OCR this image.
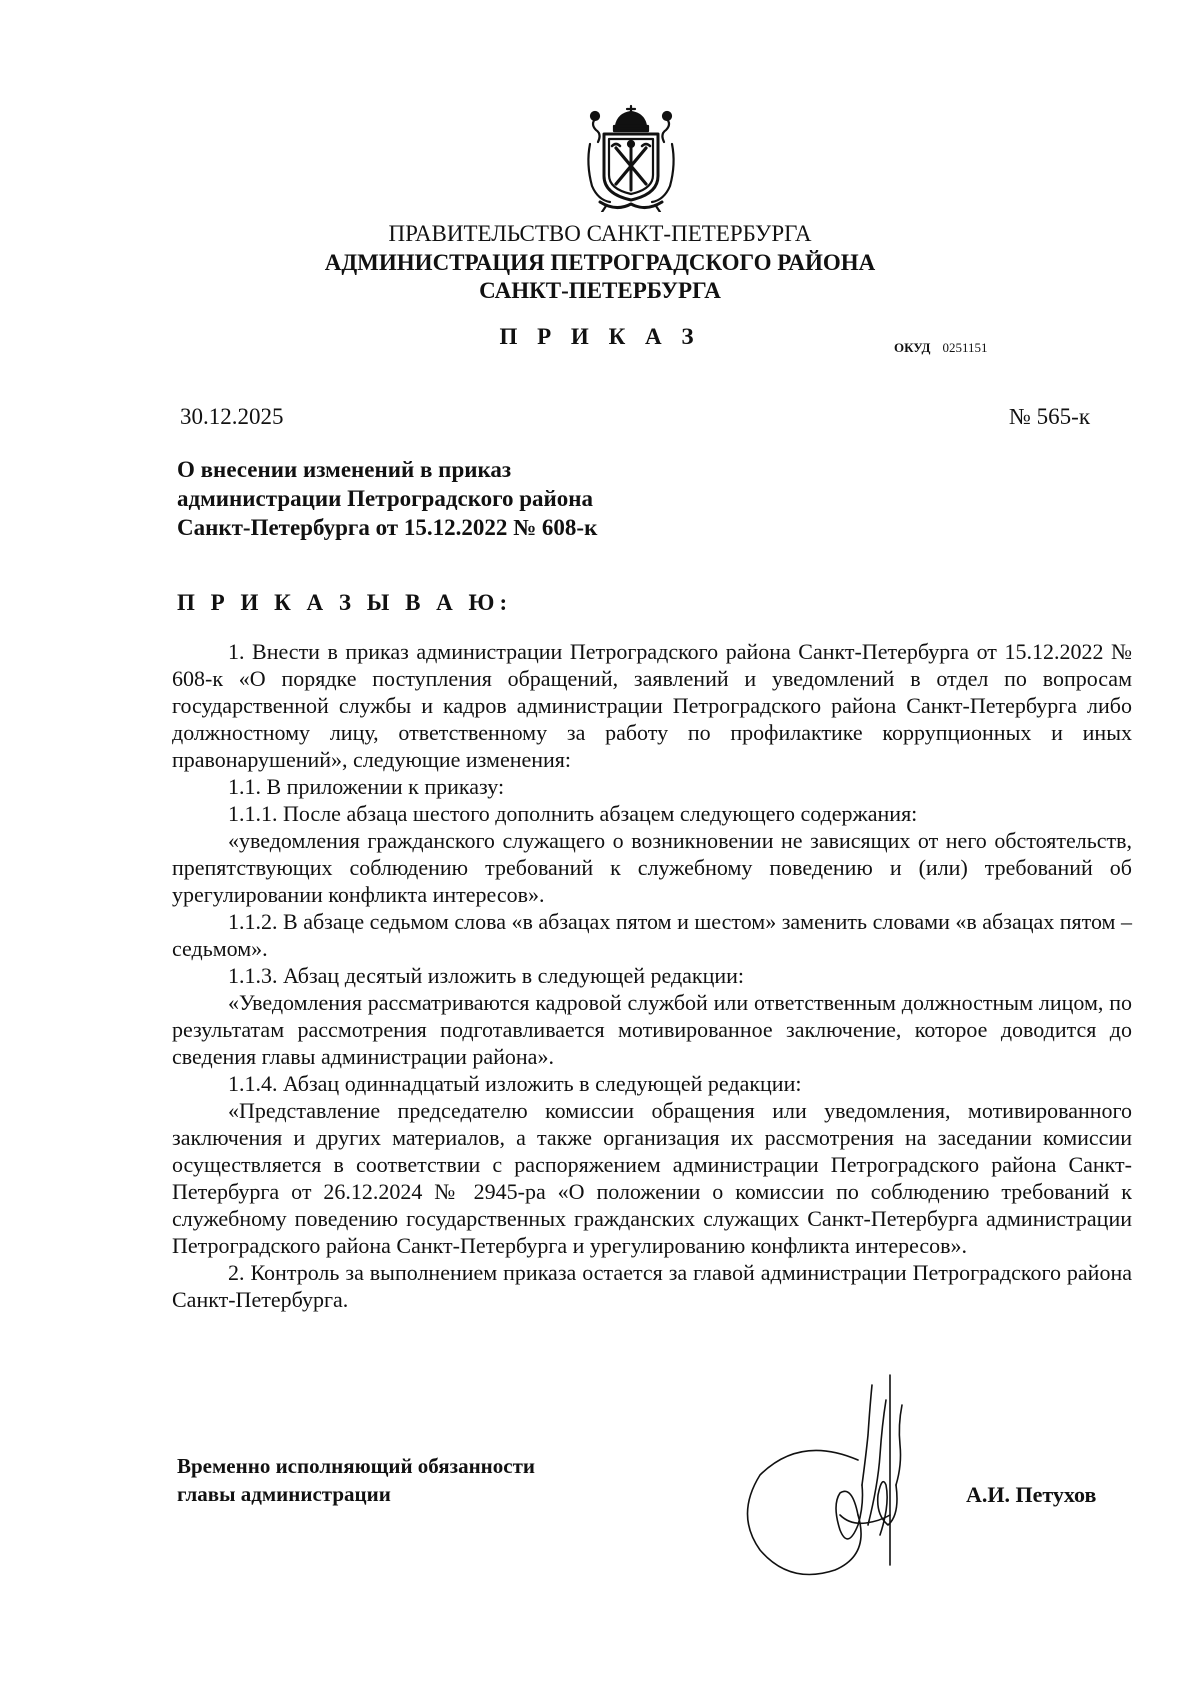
ПРАВИТЕЛЬСТВО САНКТ-ПЕТЕРБУРГА
АДМИНИСТРАЦИЯ ПЕТРОГРАДСКОГО РАЙОНА
САНКТ-ПЕТЕРБУРГА
П Р И К А З	ОКУД 0251151
30.12.2025	№ 565-к
О внесении изменений в приказ
администрации Петроградского района
Санкт-Петербурга от 15.12.2022 № 608-к
П Р И К А З Ы В А Ю:

1. Внести в приказ администрации Петроградского района Санкт-Петербурга от 15.12.2022 № 608-к «О порядке поступления обращений, заявлений и уведомлений в отдел по вопросам государственной службы и кадров администрации Петроградского района Санкт-Петербурга либо должностному лицу, ответственному за работу по профилактике коррупционных и иных правонарушений», следующие изменения:

1.1. В приложении к приказу:

1.1.1. После абзаца шестого дополнить абзацем следующего содержания:

«уведомления гражданского служащего о возникновении не зависящих от него обстоятельств, препятствующих соблюдению требований к служебному поведению и (или) требований об урегулировании конфликта интересов».

1.1.2. В абзаце седьмом слова «в абзацах пятом и шестом» заменить словами «в абзацах пятом – седьмом».

1.1.3. Абзац десятый изложить в следующей редакции:

«Уведомления рассматриваются кадровой службой или ответственным должностным лицом, по результатам рассмотрения подготавливается мотивированное заключение, которое доводится до сведения главы администрации района».

1.1.4. Абзац одиннадцатый изложить в следующей редакции:

«Представление председателю комиссии обращения или уведомления, мотивированного заключения и других материалов, а также организация их рассмотрения на заседании комиссии осуществляется в соответствии с распоряжением администрации Петроградского района Санкт-Петербурга от 26.12.2024 № 2945-ра «О положении о комиссии по соблюдению требований к служебному поведению государственных гражданских служащих Санкт-Петербурга администрации Петроградского района Санкт-Петербурга и урегулированию конфликта интересов».

2. Контроль за выполнением приказа остается за главой администрации Петроградского района Санкт-Петербурга.

Временно исполняющий обязанности
главы администрации	А.И. Петухов
